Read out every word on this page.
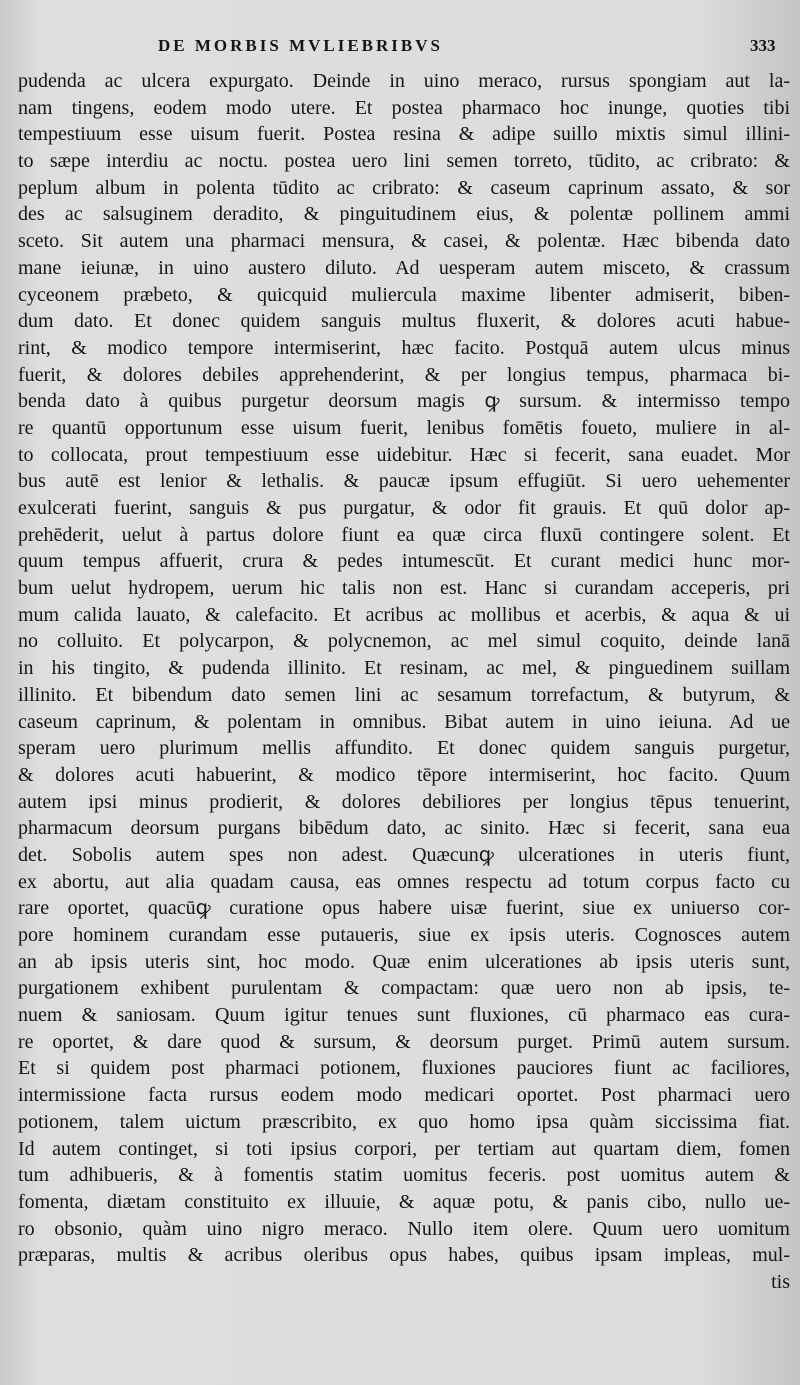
DE MORBIS MVLIEBRIBVS	333
pudenda ac ulcera expurgato. Deinde in uino meraco, rursus spongiam aut la-
nam tingens, eodem modo utere. Et postea pharmaco hoc inunge, quoties tibi
tempestiuum esse uisum fuerit. Postea resina & adipe suillo mixtis simul illini-
to sæpe interdiu ac noctu. postea uero lini semen torreto, tūdito, ac cribrato: &
peplum album in polenta tūdito ac cribrato: & caseum caprinum assato, & sor
des ac salsuginem deradito, & pinguitudinem eius, & polentæ pollinem ammi
sceto. Sit autem una pharmaci mensura, & casei, & polentæ. Hæc bibenda dato
mane ieiunæ, in uino austero diluto. Ad uesperam autem misceto, & crassum
cyceonem præbeto, & quicquid muliercula maxime libenter admiserit, biben-
dum dato. Et donec quidem sanguis multus fluxerit, & dolores acuti habue-
rint, & modico tempore intermiserint, hæc facito. Postquā autem ulcus minus
fuerit, & dolores debiles apprehenderint, & per longius tempus, pharmaca bi-
benda dato à quibus purgetur deorsum magis ꝙ sursum. & intermisso tempo
re quantū opportunum esse uisum fuerit, lenibus fomētis foueto, muliere in al-
to collocata, prout tempestiuum esse uidebitur. Hæc si fecerit, sana euadet. Mor
bus autē est lenior & lethalis. & paucæ ipsum effugiūt. Si uero uehementer
exulcerati fuerint, sanguis & pus purgatur, & odor fit grauis. Et quū dolor ap-
prehēderit, uelut à partus dolore fiunt ea quæ circa fluxū contingere solent. Et
quum tempus affuerit, crura & pedes intumescūt. Et curant medici hunc mor-
bum uelut hydropem, uerum hic talis non est. Hanc si curandam acceperis, pri
mum calida lauato, & calefacito. Et acribus ac mollibus et acerbis, & aqua & ui
no colluito. Et polycarpon, & polycnemon, ac mel simul coquito, deinde lanā
in his tingito, & pudenda illinito. Et resinam, ac mel, & pinguedinem suillam
illinito. Et bibendum dato semen lini ac sesamum torrefactum, & butyrum, &
caseum caprinum, & polentam in omnibus. Bibat autem in uino ieiuna. Ad ue
speram uero plurimum mellis affundito. Et donec quidem sanguis purgetur,
& dolores acuti habuerint, & modico tēpore intermiserint, hoc facito. Quum
autem ipsi minus prodierit, & dolores debiliores per longius tēpus tenuerint,
pharmacum deorsum purgans bibēdum dato, ac sinito. Hæc si fecerit, sana eua
det. Sobolis autem spes non adest. Quæcunꝙ ulcerationes in uteris fiunt,
ex abortu, aut alia quadam causa, eas omnes respectu ad totum corpus facto cu
rare oportet, quacūꝙ curatione opus habere uisæ fuerint, siue ex uniuerso cor-
pore hominem curandam esse putaueris, siue ex ipsis uteris. Cognosces autem
an ab ipsis uteris sint, hoc modo. Quæ enim ulcerationes ab ipsis uteris sunt,
purgationem exhibent purulentam & compactam: quæ uero non ab ipsis, te-
nuem & saniosam. Quum igitur tenues sunt fluxiones, cū pharmaco eas cura-
re oportet, & dare quod & sursum, & deorsum purget. Primū autem sursum.
Et si quidem post pharmaci potionem, fluxiones pauciores fiunt ac faciliores,
intermissione facta rursus eodem modo medicari oportet. Post pharmaci uero
potionem, talem uictum præscribito, ex quo homo ipsa quàm siccissima fiat.
Id autem continget, si toti ipsius corpori, per tertiam aut quartam diem, fomen
tum adhibueris, & à fomentis statim uomitus feceris. post uomitus autem &
fomenta, diætam constituito ex illuuie, & aquæ potu, & panis cibo, nullo ue-
ro obsonio, quàm uino nigro meraco. Nullo item olere. Quum uero uomitum
præparas, multis & acribus oleribus opus habes, quibus ipsam impleas, mul-
tis
